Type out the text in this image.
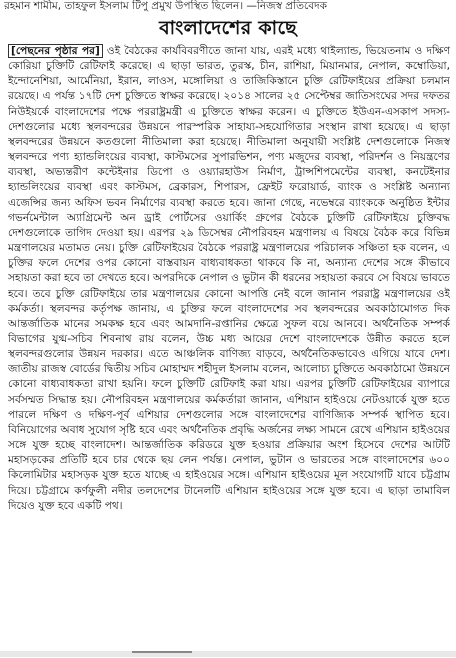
রহমান শামীম, তাহফুল ইসলাম টিপু প্রমুখ উপস্থিত ছিলেন। —নিজস্ব প্রতিবেদক
বাংলাদেশের কাছে
[পেছনের পৃষ্ঠার পর] ওই বৈঠকের কার্যবিবরণীতে জানা যায়, এরই মধ্যে থাইল্যান্ড, ভিয়েতনাম ও দক্ষিণ কোরিয়া চুক্তিটি রেটিফাই করেছে। এ ছাড়া ভারত, তুরস্ক, চীন, রাশিয়া, মিয়ানমার, নেপাল, কম্বোডিয়া, ইন্দোনেশিয়া, আর্মেনিয়া, ইরান, লাওস, মঙ্গোলিয়া ও তাজিকিস্তানে চুক্তি রেটিফাইয়ের প্রক্রিয়া চলমান রয়েছে। এ পর্যন্ত ১৭টি দেশ চুক্তিতে স্বাক্ষর করেছে। ২০১৪ সালের ২৫ সেপ্টেম্বর জাতিসংঘের সদর দফতর নিউইয়র্কে বাংলাদেশের পক্ষে পররাষ্ট্রমন্ত্রী এ চুক্তিতে স্বাক্ষর করেন। এ চুক্তিতে ইউএন-এসকাপ সদস্য-দেশগুলোর মধ্যে স্থলবন্দরের উন্নয়নে পারস্পরিক সাহায্য-সহযোগিতার সংস্থান রাখা হয়েছে। এ ছাড়া স্থলবন্দরের উন্নয়নে কতগুলো নীতিমালা করা হয়েছে। নীতিমালা অনুযায়ী সংশ্লিষ্ট দেশগুলোকে নিজস্ব স্থলবন্দরে পণ্য হ্যান্ডলিংয়ের ব্যবস্থা, কাস্টমসের সুপারভিশন, পণ্য মজুদের ব্যবস্থা, পরিদর্শন ও নিয়ন্ত্রণের ব্যবস্থা, অভ্যন্তরীণ কন্টেইনার ডিপো ও ওয়্যারহাউস নির্মাণ, ট্রান্সশিপমেন্টের ব্যবস্থা, কনটেইনার হ্যান্ডলিংয়ের ব্যবস্থা এবং কাস্টমস, ব্রেকারস, শিপারস, ফ্রেইট ফরোয়ার্ড, ব্যাংক ও সংশ্লিষ্ট অন্যান্য এজেন্সির জন্য অফিস ভবন নির্মাণের ব্যবস্থা করতে হবে। জানা গেছে, নভেম্বরে ব্যাংককে অনুষ্ঠিত ইন্টার গভর্নমেন্টাল অ্যাগ্রিমেন্ট অন ড্রাই পোর্টসের ওয়ার্কিং গ্রুপের বৈঠকে চুক্তিটি রেটিফাইয়ে চুক্তিবদ্ধ দেশগুলোকে তাগিদ দেওয়া হয়। এরপর ২৯ ডিসেম্বর নৌপরিবহন মন্ত্রণালয় এ বিষয়ে বৈঠক করে বিভিন্ন মন্ত্রণালয়ের মতামত নেয়। চুক্তি রেটিফাইয়ের বৈঠকে পররাষ্ট্র মন্ত্রণালয়ের পরিচালক সঞ্চিতা হক বলেন, এ চুক্তির ফলে দেশের ওপর কোনো বাস্তবায়ন বাধ্যবাধকতা থাকবে কি না, অন্যান্য দেশের সঙ্গে কীভাবে সহায়তা করা হবে তা দেখতে হবে। অপরদিকে নেপাল ও ভুটান কী ধরনের সহায়তা করবে সে বিষয়ে ভাবতে হবে। তবে চুক্তি রেটিফাইয়ে তার মন্ত্রণালয়ের কোনো আপত্তি নেই বলে জানান পররাষ্ট্র মন্ত্রণালয়ের ওই কর্মকর্তা। স্থলবন্দর কর্তৃপক্ষ জানায়, এ চুক্তির ফলে বাংলাদেশের সব স্থলবন্দরের অবকাঠামোগত দিক আন্তর্জাতিক মানের সমকক্ষ হবে এবং আমদানি-রপ্তানির ক্ষেত্রে সুফল বয়ে আনবে। অর্থনৈতিক সম্পর্ক বিভাগের যুগ্ম-সচিব শিবনাথ রায় বলেন, উচ্চ মধ্য আয়ের দেশে বাংলাদেশকে উন্নীত করতে হলে স্থলবন্দরগুলোর উন্নয়ন দরকার। এতে আঞ্চলিক বাণিজ্য বাড়বে, অর্থনৈতিকভাবেও এগিয়ে যাবে দেশ। জাতীয় রাজস্ব বোর্ডের দ্বিতীয় সচিব মোহাম্মদ শহীদুল ইসলাম বলেন, আলোচ্য চুক্তিতে অবকাঠামো উন্নয়নে কোনো বাধ্যবাধকতা রাখা হয়নি। ফলে চুক্তিটি রেটিফাই করা যায়। এরপর চুক্তিটি রেটিফাইয়ের ব্যাপারে সর্বসম্মত সিদ্ধান্ত হয়। নৌপরিবহন মন্ত্রণালয়ের কর্মকর্তারা জানান, এশিয়ান হাইওয়ে নেটওয়ার্কে যুক্ত হতে পারলে দক্ষিণ ও দক্ষিণ-পূর্ব এশিয়ার দেশগুলোর সঙ্গে বাংলাদেশের বাণিজ্যিক সম্পর্ক স্থাপিত হবে। বিনিয়োগের অবাধ সুযোগ সৃষ্টি হবে এবং অর্থনৈতিক প্রবৃদ্ধি অর্জনের লক্ষ্য সামনে রেখে এশিয়ান হাইওয়ের সঙ্গে যুক্ত হচ্ছে বাংলাদেশ। আন্তর্জাতিক করিডরে যুক্ত হওয়ার প্রক্রিয়ার অংশ হিসেবে দেশের আটটি মহাসড়কের প্রতিটি হবে চার থেকে ছয় লেন পর্যন্ত। নেপাল, ভুটান ও ভারতের সঙ্গে বাংলাদেশের ৬০০ কিলোমিটার মহাসড়ক যুক্ত হতে যাচ্ছে এ হাইওয়ের সঙ্গে। এশিয়ান হাইওয়ের মূল সংযোগটি যাবে চট্টগ্রাম দিয়ে। চট্টগ্রামে কর্ণফুলী নদীর তলদেশের টানেলটি এশিয়ান হাইওয়ের সঙ্গে যুক্ত হবে। এ ছাড়া তামাবিল দিয়েও যুক্ত হবে একটি পথ।
